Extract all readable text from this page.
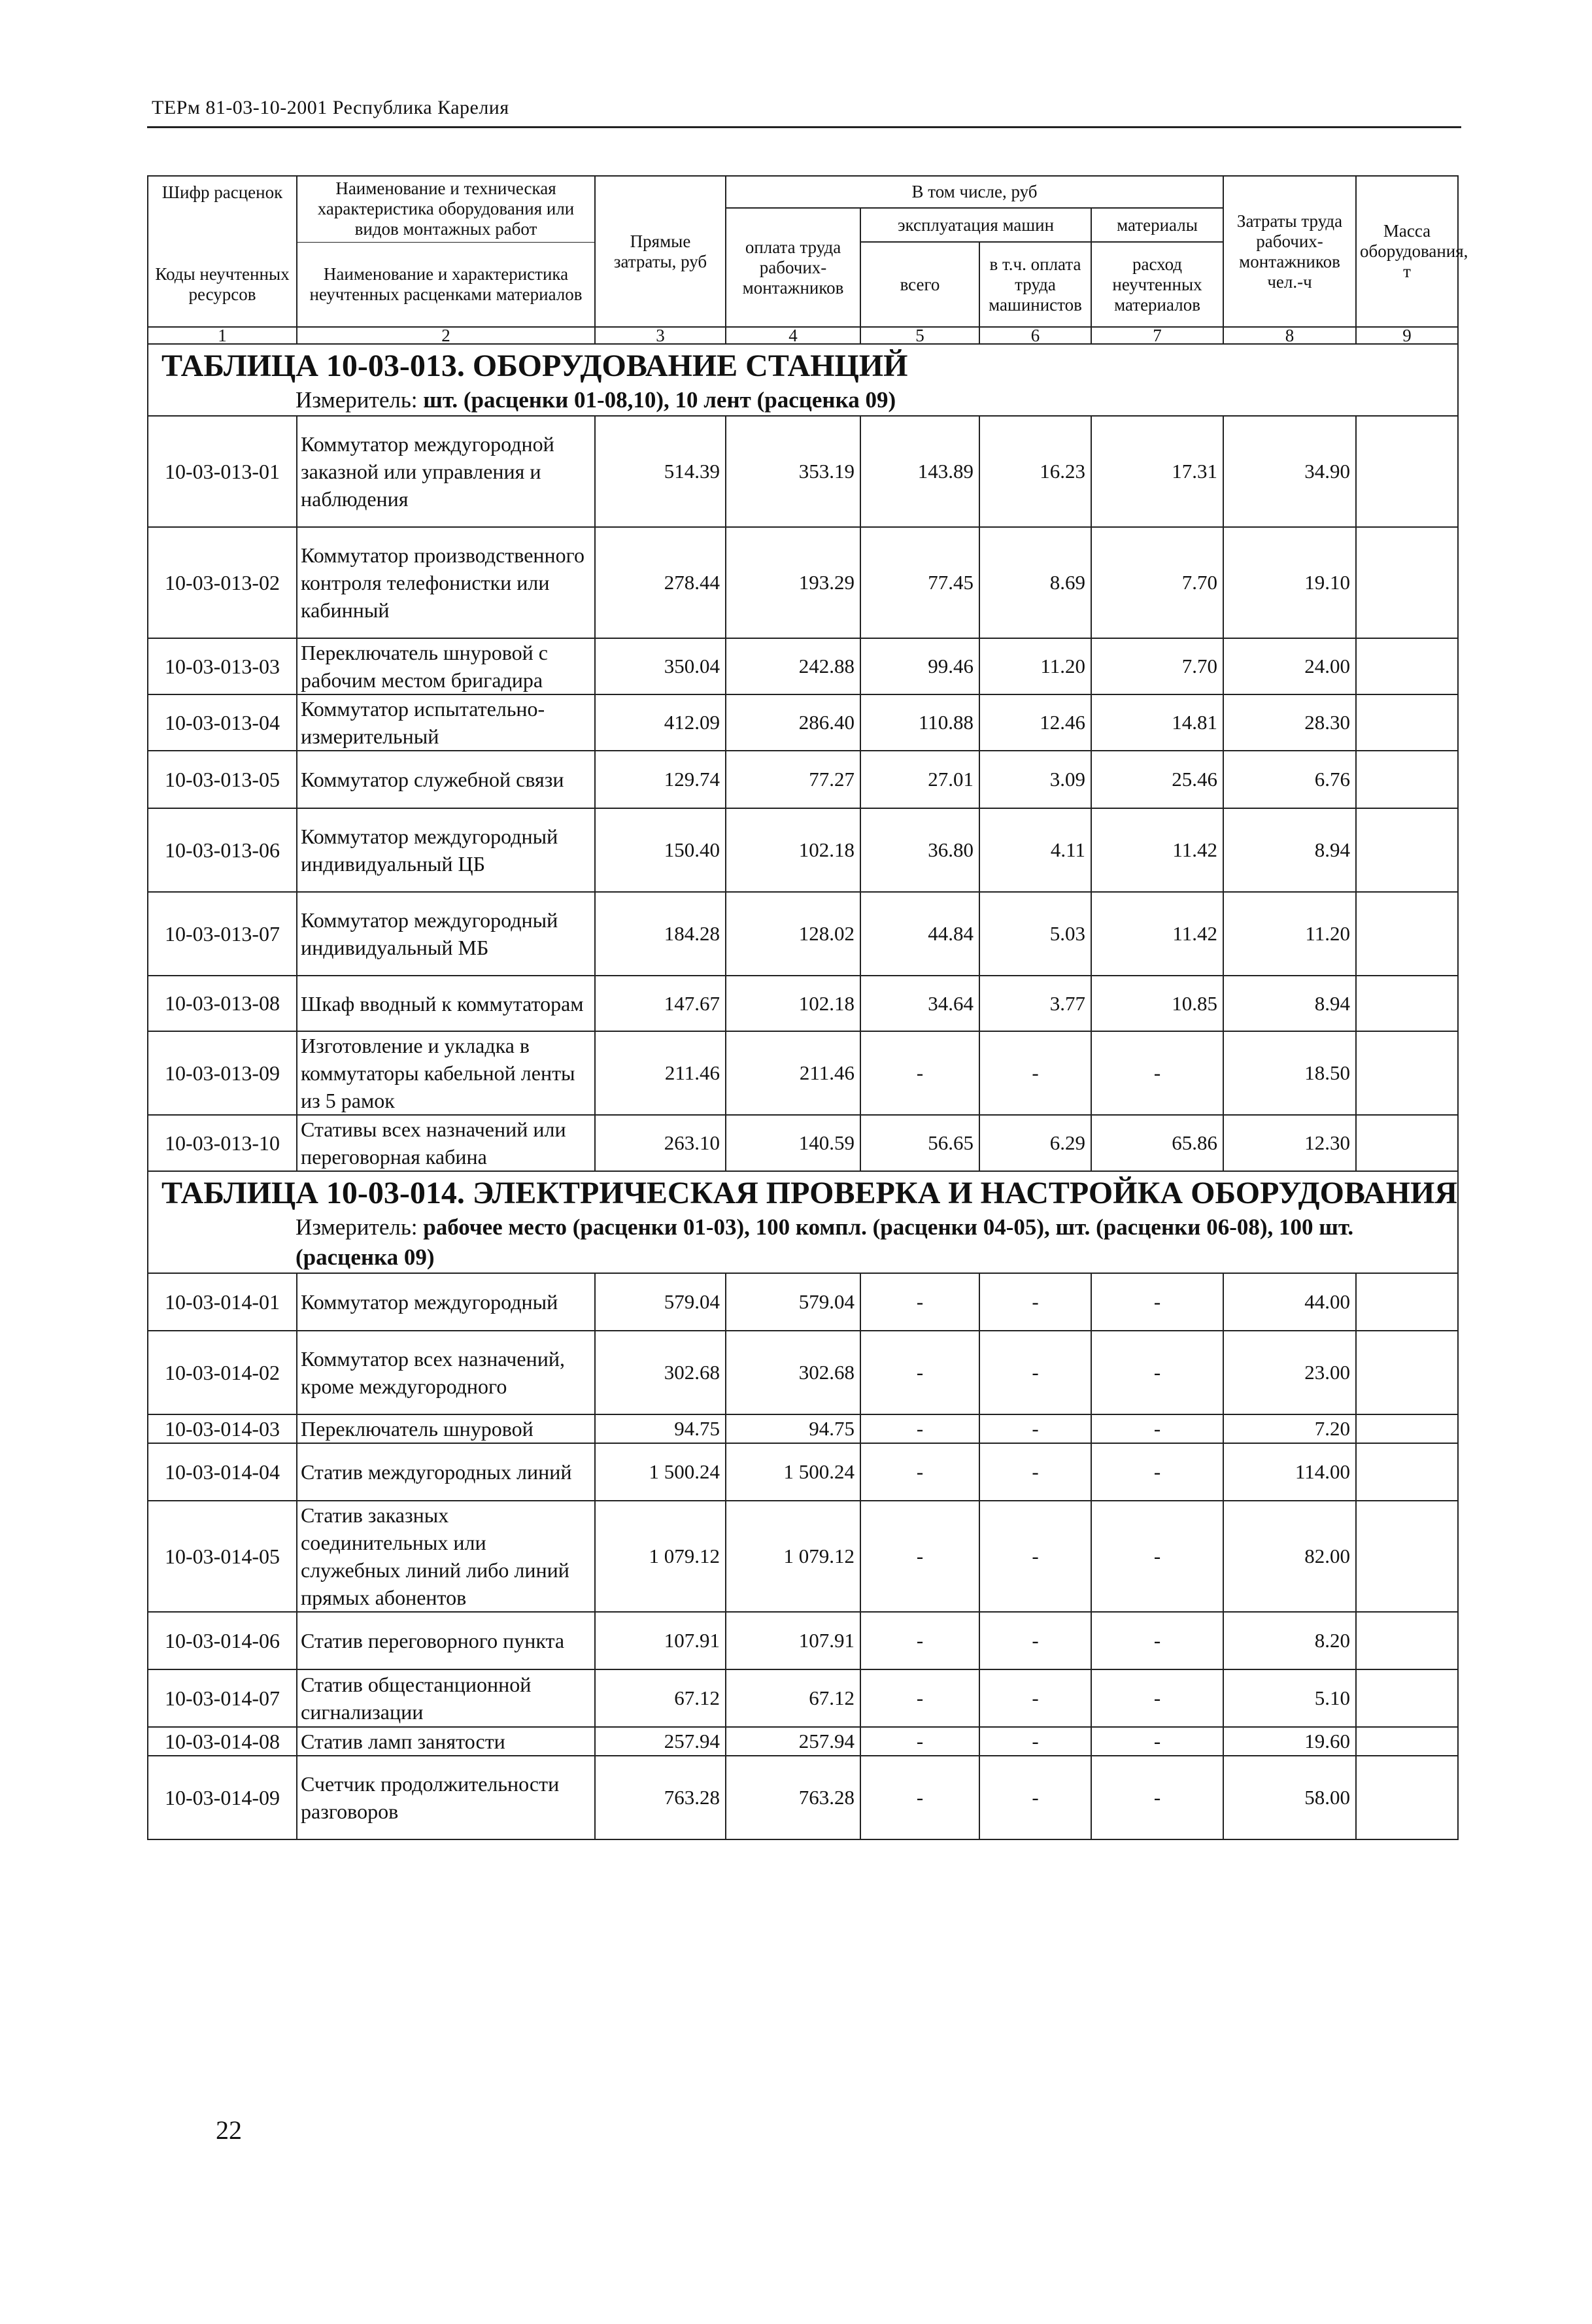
ТЕРм 81-03-10-2001 Республика Карелия
Шифр расценок	Наименование и техническая характеристика оборудования или видов монтажных работ	Прямые затраты, руб	В том числе, руб				Затраты труда рабочих-монтажников чел.-ч	Масса оборудования, т
			оплата труда рабочих-монтажников	эксплуатация машин		материалы		
Коды неучтенных ресурсов	Наименование и характеристика неучтенных расценками материалов			всего	в т.ч. оплата труда машинистов	расход неучтенных материалов		

1	2	3	4	5	6	7	8	9
ТАБЛИЦА 10-03-013. ОБОРУДОВАНИЕ СТАНЦИЙ								
Измеритель: шт. (расценки 01-08,10), 10 лент (расценка 09)								
10-03-013-01	Коммутатор междугородной заказной или управления и наблюдения	514.39	353.19	143.89	16.23	17.31	34.90	
10-03-013-02	Коммутатор производственного контроля телефонистки или кабинный	278.44	193.29	77.45	8.69	7.70	19.10	
10-03-013-03	Переключатель шнуровой с рабочим местом бригадира	350.04	242.88	99.46	11.20	7.70	24.00	
10-03-013-04	Коммутатор испытательно-измерительный	412.09	286.40	110.88	12.46	14.81	28.30	
10-03-013-05	Коммутатор служебной связи	129.74	77.27	27.01	3.09	25.46	6.76	
10-03-013-06	Коммутатор междугородный индивидуальный ЦБ	150.40	102.18	36.80	4.11	11.42	8.94	
10-03-013-07	Коммутатор междугородный индивидуальный МБ	184.28	128.02	44.84	5.03	11.42	11.20	
10-03-013-08	Шкаф вводный к коммутаторам	147.67	102.18	34.64	3.77	10.85	8.94	
10-03-013-09	Изготовление и укладка в коммутаторы кабельной ленты из 5 рамок	211.46	211.46	-	-	-	18.50	
10-03-013-10	Стативы всех назначений или переговорная кабина	263.10	140.59	56.65	6.29	65.86	12.30	
ТАБЛИЦА 10-03-014. ЭЛЕКТРИЧЕСКАЯ ПРОВЕРКА И НАСТРОЙКА ОБОРУДОВАНИЯ								
Измеритель: рабочее место (расценки 01-03), 100 компл. (расценки 04-05), шт. (расценки 06-08), 100 шт. (расценка 09)								
10-03-014-01	Коммутатор междугородный	579.04	579.04	-	-	-	44.00	
10-03-014-02	Коммутатор всех назначений, кроме междугородного	302.68	302.68	-	-	-	23.00	
10-03-014-03	Переключатель шнуровой	94.75	94.75	-	-	-	7.20	
10-03-014-04	Статив междугородных линий	1 500.24	1 500.24	-	-	-	114.00	
10-03-014-05	Статив заказных соединительных или служебных линий либо линий прямых абонентов	1 079.12	1 079.12	-	-	-	82.00	
10-03-014-06	Статив переговорного пункта	107.91	107.91	-	-	-	8.20	
10-03-014-07	Статив общестанционной сигнализации	67.12	67.12	-	-	-	5.10	
10-03-014-08	Статив ламп занятости	257.94	257.94	-	-	-	19.60	
10-03-014-09	Счетчик продолжительности разговоров	763.28	763.28	-	-	-	58.00	
22
